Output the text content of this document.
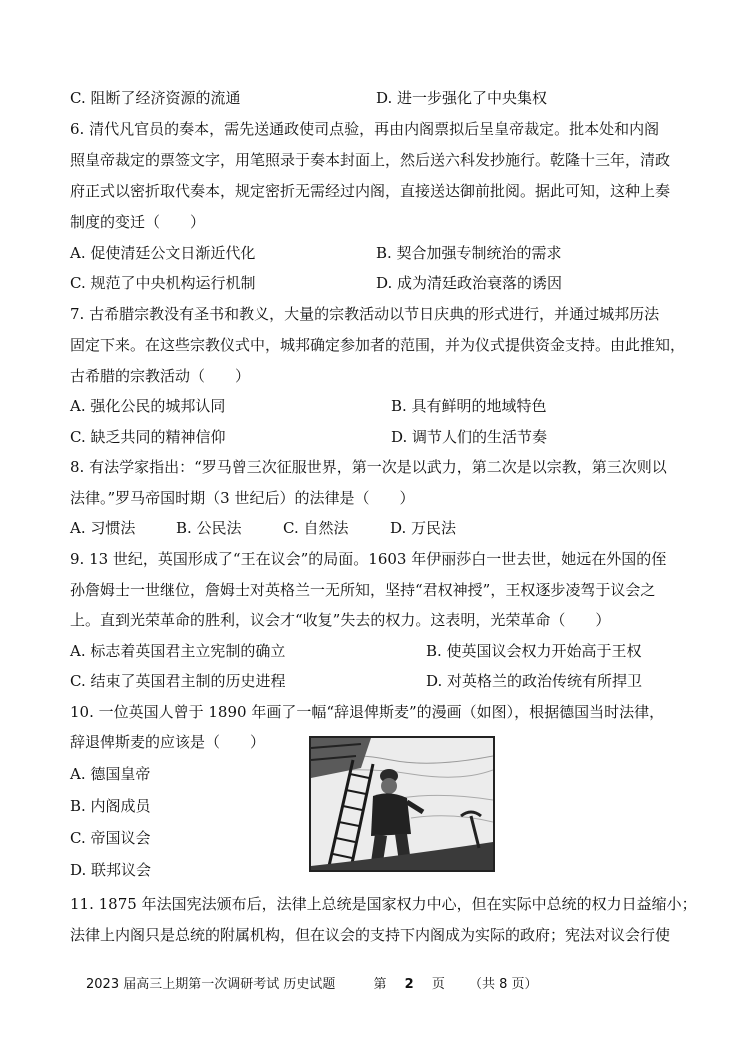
C. 阻断了经济资源的流通	D. 进一步强化了中央集权
6. 清代凡官员的奏本，需先送通政使司点验，再由内阁票拟后呈皇帝裁定。批本处和内阁
照皇帝裁定的票签文字，用笔照录于奏本封面上，然后送六科发抄施行。乾隆十三年，清政
府正式以密折取代奏本，规定密折无需经过内阁，直接送达御前批阅。据此可知，这种上奏
制度的变迁（　　）
A. 促使清廷公文日渐近代化	B. 契合加强专制统治的需求
C. 规范了中央机构运行机制	D. 成为清廷政治衰落的诱因
7. 古希腊宗教没有圣书和教义，大量的宗教活动以节日庆典的形式进行，并通过城邦历法
固定下来。在这些宗教仪式中，城邦确定参加者的范围，并为仪式提供资金支持。由此推知，
古希腊的宗教活动（　　）
A. 强化公民的城邦认同	B. 具有鲜明的地域特色
C. 缺乏共同的精神信仰	D. 调节人们的生活节奏
8. 有法学家指出：“罗马曾三次征服世界，第一次是以武力，第二次是以宗教，第三次则以
法律。”罗马帝国时期（3 世纪后）的法律是（　　）
A. 习惯法	B. 公民法	C. 自然法	D. 万民法
9. 13 世纪，英国形成了“王在议会”的局面。1603 年伊丽莎白一世去世，她远在外国的侄
孙詹姆士一世继位，詹姆士对英格兰一无所知，坚持“君权神授”，王权逐步凌驾于议会之
上。直到光荣革命的胜利，议会才“收复”失去的权力。这表明，光荣革命（　　）
A. 标志着英国君主立宪制的确立	B. 使英国议会权力开始高于王权
C. 结束了英国君主制的历史进程	D. 对英格兰的政治传统有所捍卫
10. 一位英国人曾于 1890 年画了一幅“辞退俾斯麦”的漫画（如图），根据德国当时法律，
辞退俾斯麦的应该是（　　）
A. 德国皇帝
B. 内阁成员
C. 帝国议会
D. 联邦议会
11. 1875 年法国宪法颁布后，法律上总统是国家权力中心，但在实际中总统的权力日益缩小；
法律上内阁只是总统的附属机构，但在议会的支持下内阁成为实际的政府；宪法对议会行使
2023 届高三上期第一次调研考试 历史试题	第 2 页 （共 8 页）
